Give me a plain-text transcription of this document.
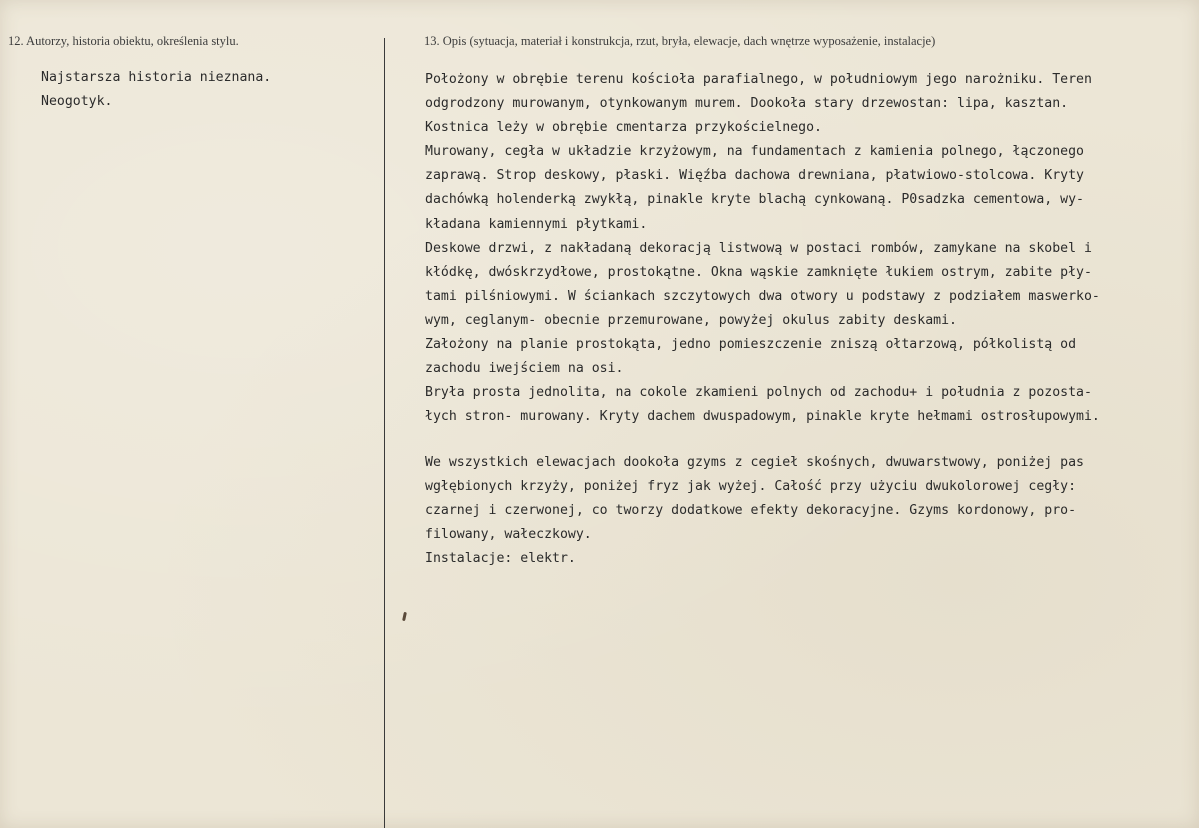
12. Autorzy, historia obiektu, określenia stylu.	13. Opis (sytuacja, materiał i konstrukcja, rzut, bryła, elewacje, dach wnętrze wyposażenie, instalacje)
Najstarsza historia nieznana.
Neogotyk.
Położony w obrębie terenu kościoła parafialnego, w południowym jego narożniku. Teren
odgrodzony murowanym, otynkowanym murem. Dookoła stary drzewostan: lipa, kasztan.
Kostnica leży w obrębie cmentarza przykościelnego.
Murowany, cegła w układzie krzyżowym, na fundamentach z kamienia polnego, łączonego
zaprawą. Strop deskowy, płaski. Więźba dachowa drewniana, płatwiowo-stolcowa. Kryty
dachówką holenderką zwykłą, pinakle kryte blachą cynkowaną. P0sadzka cementowa, wy-
kładana kamiennymi płytkami.
Deskowe drzwi, z nakładaną dekoracją listwową w postaci rombów, zamykane na skobel i
kłódkę, dwóskrzydłowe, prostokątne. Okna wąskie zamknięte łukiem ostrym, zabite pły-
tami pilśniowymi. W ściankach szczytowych dwa otwory u podstawy z podziałem maswerko-
wym, ceglanym- obecnie przemurowane, powyżej okulus zabity deskami.
Założony na planie prostokąta, jedno pomieszczenie zniszą ołtarzową, półkolistą od
zachodu iwejściem na osi.
Bryła prosta jednolita, na cokole zkamieni polnych od zachodu+ i południa z pozosta-
łych stron- murowany. Kryty dachem dwuspadowym, pinakle kryte hełmami ostrosłupowymi.
We wszystkich elewacjach dookoła gzyms z cegieł skośnych, dwuwarstwowy, poniżej pas
wgłębionych krzyży, poniżej fryz jak wyżej. Całość przy użyciu dwukolorowej cegły:
czarnej i czerwonej, co tworzy dodatkowe efekty dekoracyjne. Gzyms kordonowy, pro-
filowany, wałeczkowy.
Instalacje: elektr.
